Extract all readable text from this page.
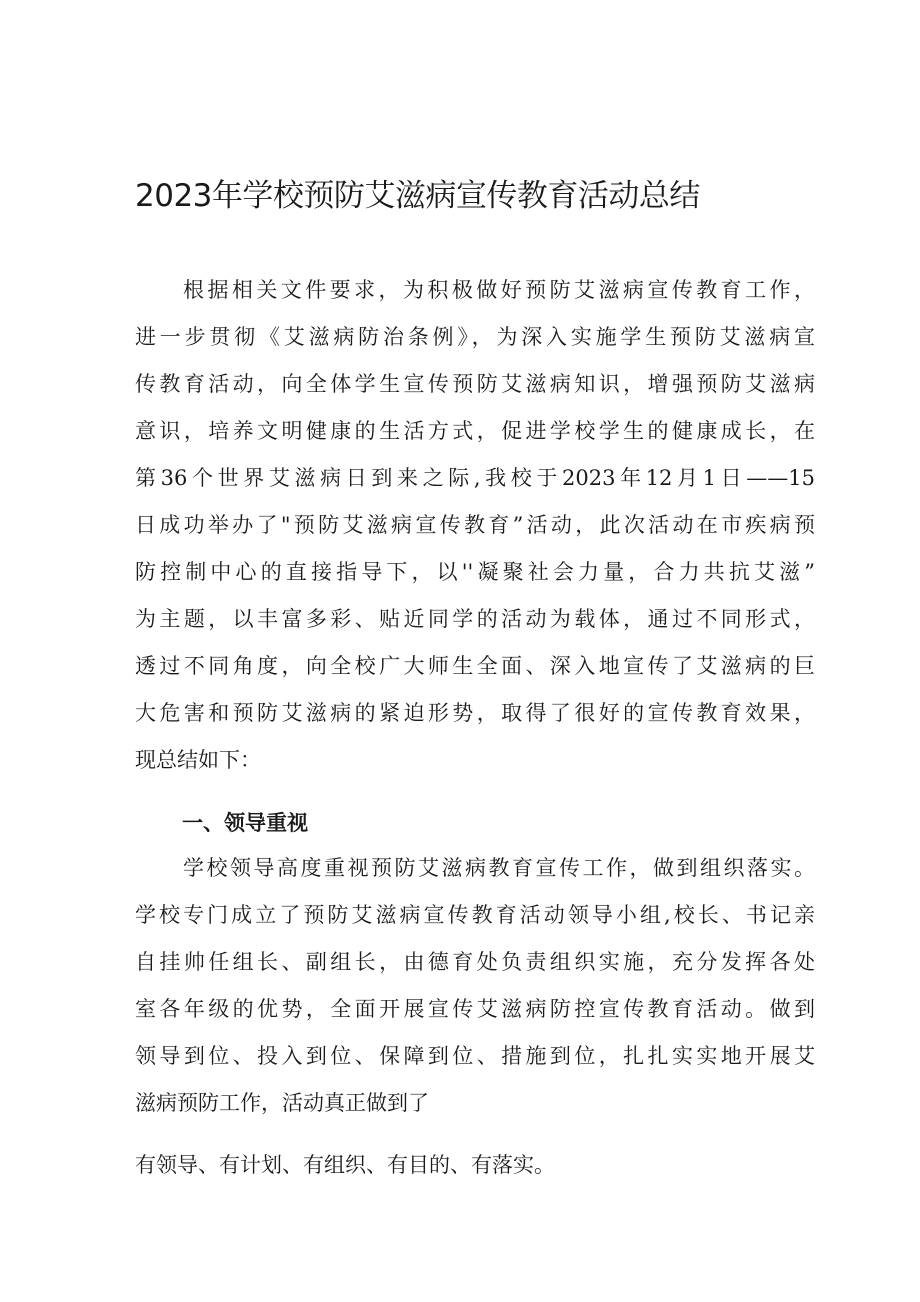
2023年学校预防艾滋病宣传教育活动总结
根据相关文件要求，为积极做好预防艾滋病宣传教育工作，
进一步贯彻《艾滋病防治条例》，为深入实施学生预防艾滋病宣
传教育活动，向全体学生宣传预防艾滋病知识，增强预防艾滋病
意识，培养文明健康的生活方式，促进学校学生的健康成长，在
第36个世界艾滋病日到来之际,我校于2023年12月1日——15
日成功举办了"预防艾滋病宣传教育”活动，此次活动在市疾病预
防控制中心的直接指导下，以''凝聚社会力量，合力共抗艾滋”
为主题，以丰富多彩、贴近同学的活动为载体，通过不同形式，
透过不同角度，向全校广大师生全面、深入地宣传了艾滋病的巨
大危害和预防艾滋病的紧迫形势，取得了很好的宣传教育效果，
现总结如下：
一、领导重视
学校领导高度重视预防艾滋病教育宣传工作，做到组织落实。
学校专门成立了预防艾滋病宣传教育活动领导小组,校长、书记亲
自挂帅任组长、副组长，由德育处负责组织实施，充分发挥各处
室各年级的优势，全面开展宣传艾滋病防控宣传教育活动。做到
领导到位、投入到位、保障到位、措施到位，扎扎实实地开展艾
滋病预防工作，活动真正做到了

有领导、有计划、有组织、有目的、有落实。
